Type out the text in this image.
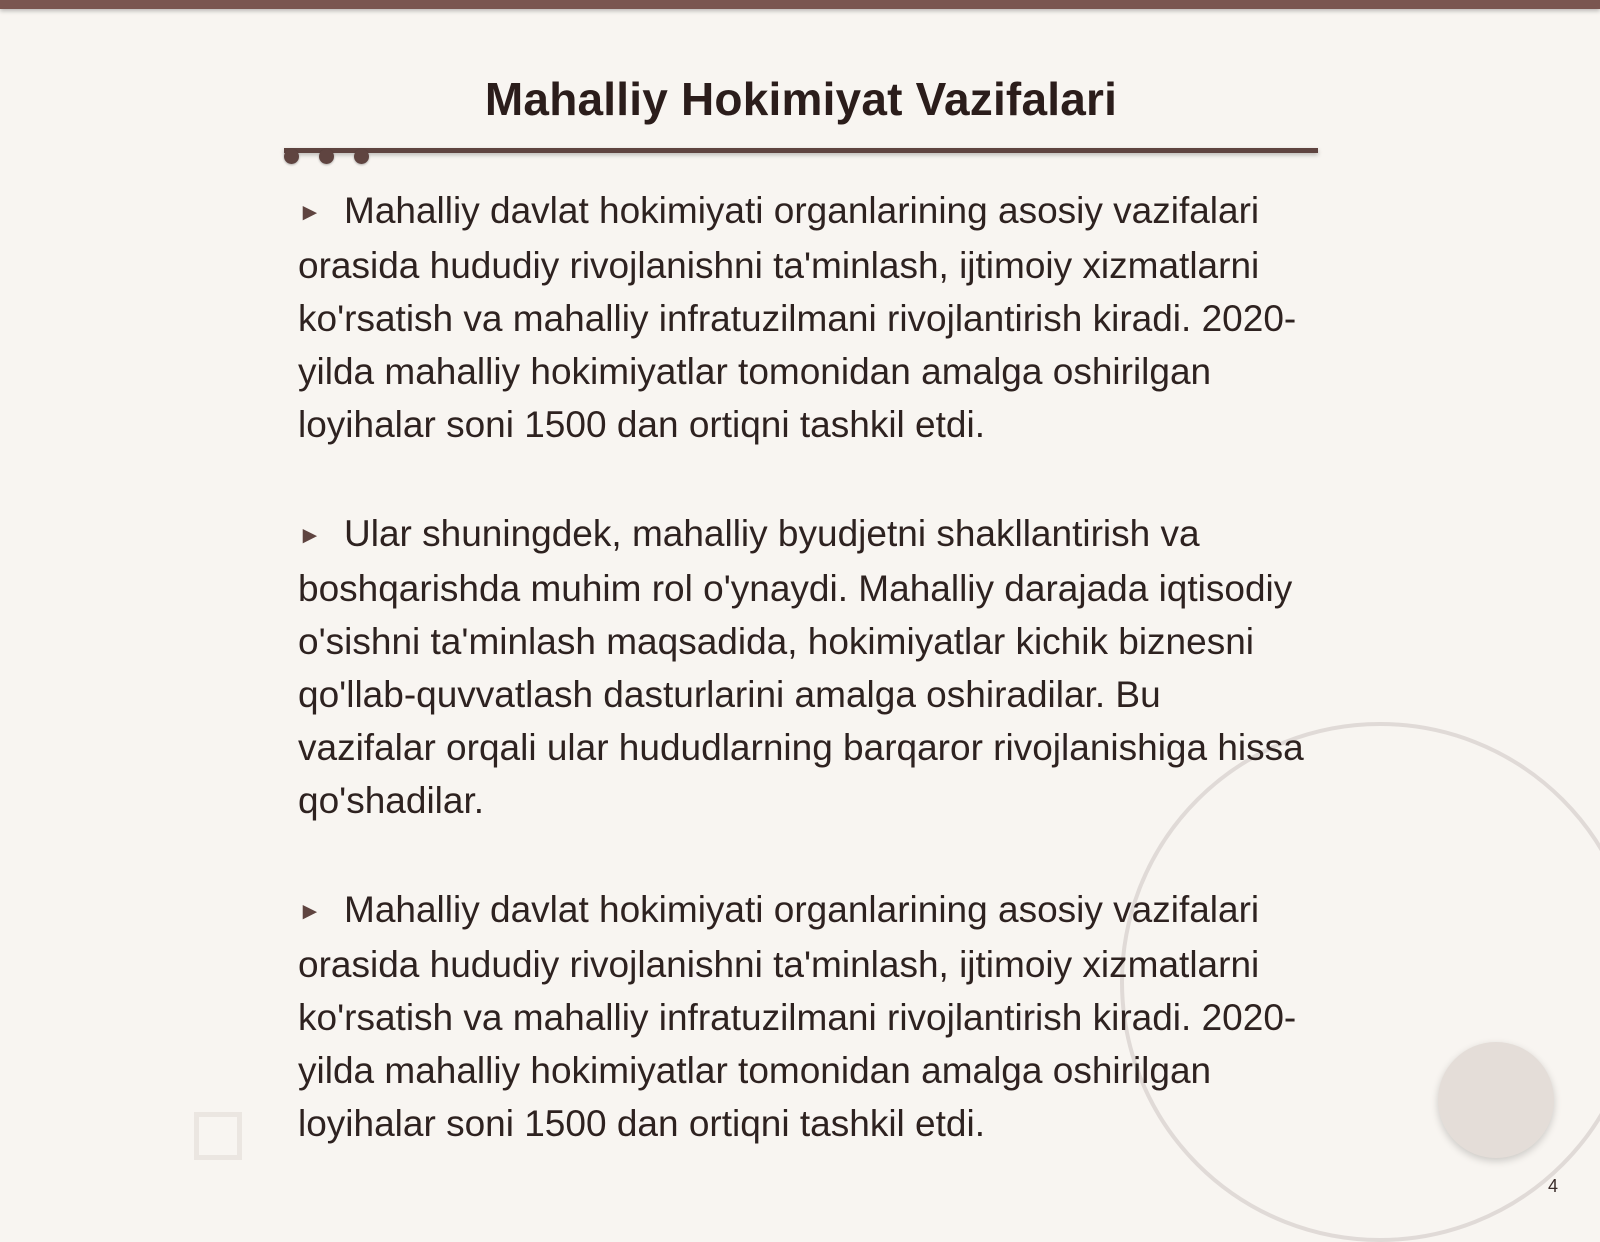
Mahalliy Hokimiyat Vazifalari

► Mahalliy davlat hokimiyati organlarining asosiy vazifalari orasida hududiy rivojlanishni ta'minlash, ijtimoiy xizmatlarni ko'rsatish va mahalliy infratuzilmani rivojlantirish kiradi. 2020-yilda mahalliy hokimiyatlar tomonidan amalga oshirilgan loyihalar soni 1500 dan ortiqni tashkil etdi.

► Ular shuningdek, mahalliy byudjetni shakllantirish va boshqarishda muhim rol o'ynaydi. Mahalliy darajada iqtisodiy o'sishni ta'minlash maqsadida, hokimiyatlar kichik biznesni qo'llab-quvvatlash dasturlarini amalga oshiradilar. Bu vazifalar orqali ular hududlarning barqaror rivojlanishiga hissa qo'shadilar.

► Mahalliy davlat hokimiyati organlarining asosiy vazifalari orasida hududiy rivojlanishni ta'minlash, ijtimoiy xizmatlarni ko'rsatish va mahalliy infratuzilmani rivojlantirish kiradi. 2020-yilda mahalliy hokimiyatlar tomonidan amalga oshirilgan loyihalar soni 1500 dan ortiqni tashkil etdi.

4
